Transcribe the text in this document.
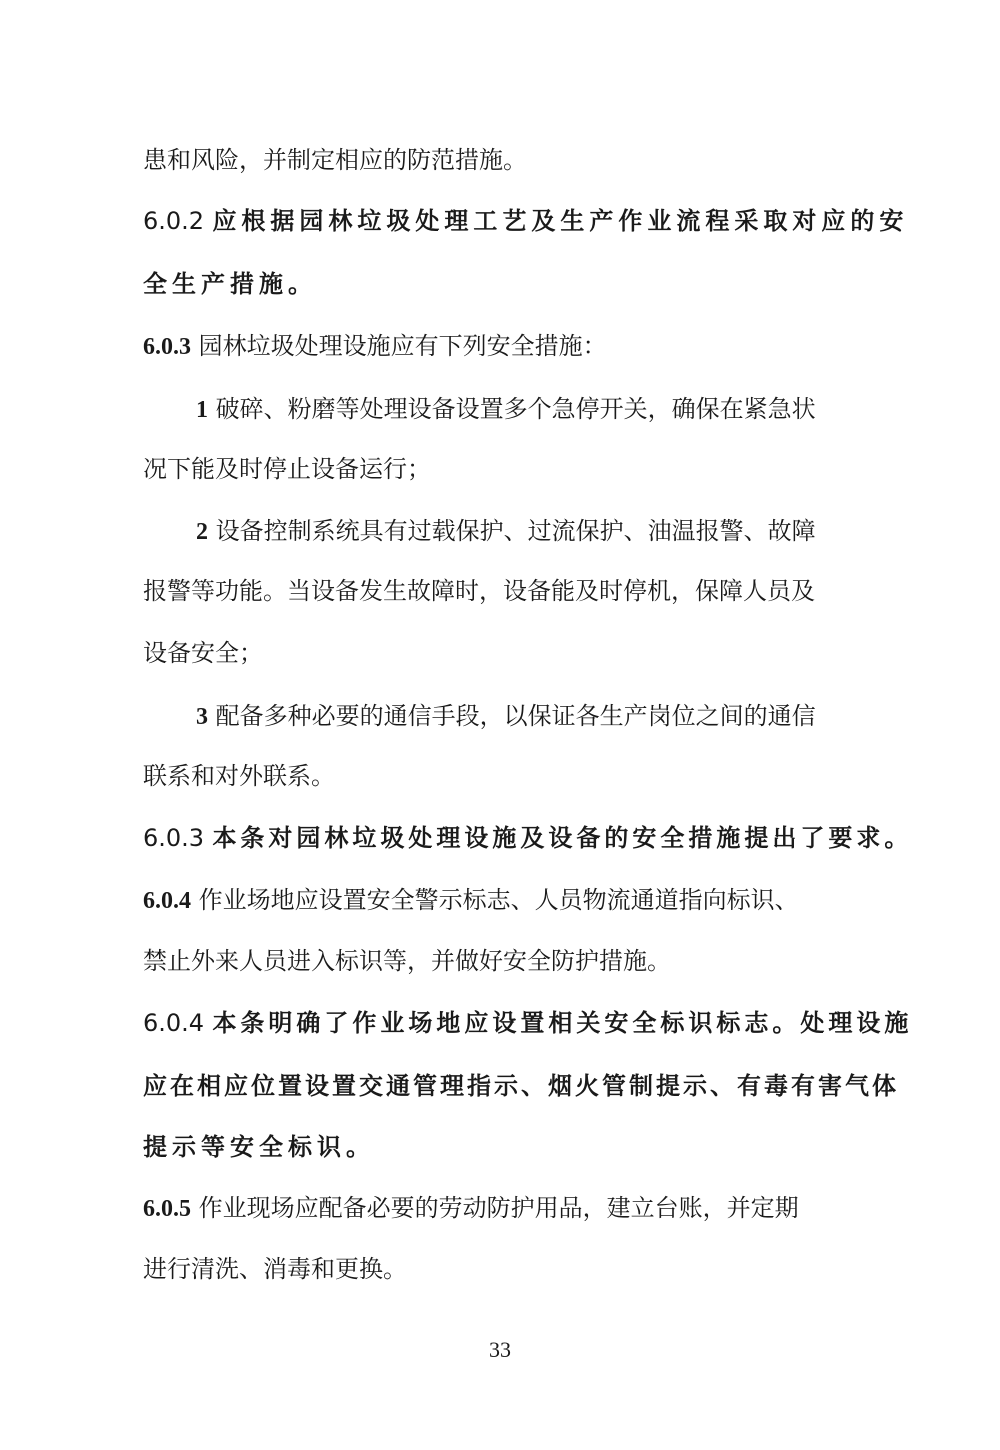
患和风险，并制定相应的防范措施。
6.0.2 应根据园林垃圾处理工艺及生产作业流程采取对应的安
全生产措施。
6.0.3 园林垃圾处理设施应有下列安全措施：
1 破碎、粉磨等处理设备设置多个急停开关，确保在紧急状
况下能及时停止设备运行；
2 设备控制系统具有过载保护、过流保护、油温报警、故障
报警等功能。当设备发生故障时，设备能及时停机，保障人员及
设备安全；
3 配备多种必要的通信手段，以保证各生产岗位之间的通信
联系和对外联系。
6.0.3 本条对园林垃圾处理设施及设备的安全措施提出了要求。
6.0.4 作业场地应设置安全警示标志、人员物流通道指向标识、
禁止外来人员进入标识等，并做好安全防护措施。
6.0.4 本条明确了作业场地应设置相关安全标识标志。处理设施
应在相应位置设置交通管理指示、烟火管制提示、有毒有害气体
提示等安全标识。
6.0.5 作业现场应配备必要的劳动防护用品，建立台账，并定期
进行清洗、消毒和更换。
33
